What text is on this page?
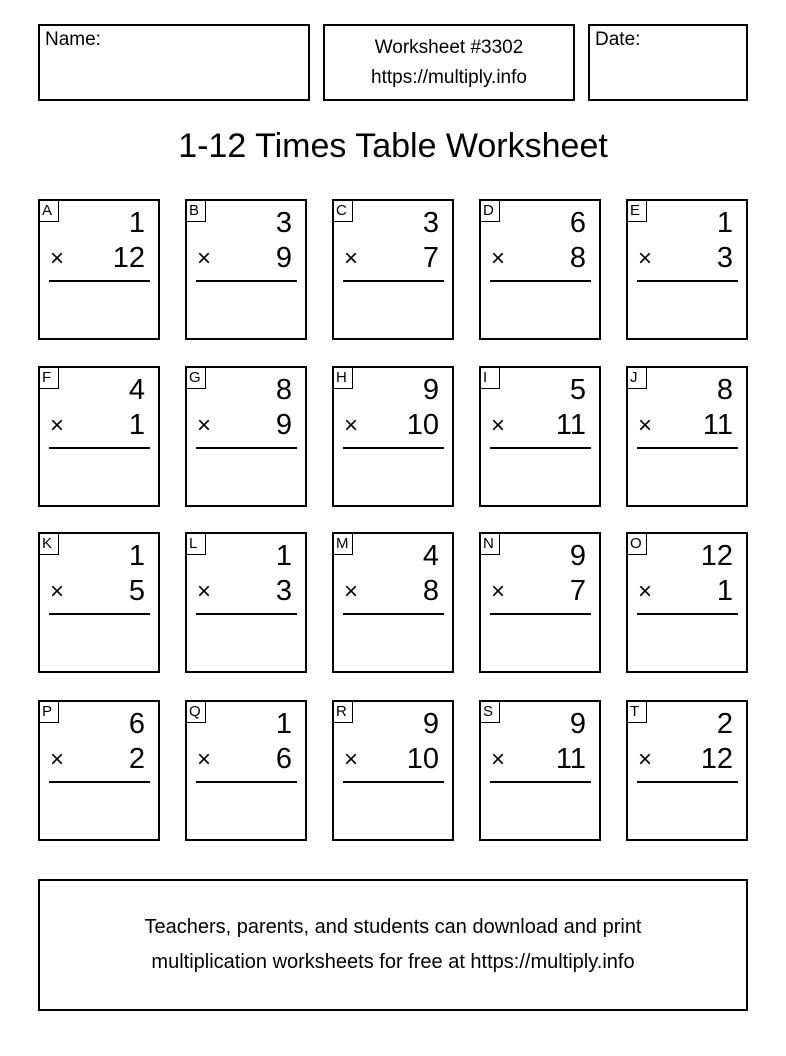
Name:	Worksheet #3302
https://multiply.info
Date:
1-12 Times Table Worksheet
A	1
× 12
B	3
× 9
C	3
× 7
D	6
× 8
E	1
× 3
F	4
× 1
G	8
× 9
H	9
× 10
I	5
× 11
J	8
× 11
K	1
× 5
L	1
× 3
M	4
× 8
N	9
× 7
O 12
× 1
P	6
× 2
Q	1
× 6
R	9
× 10
S	9
× 11
T	2
× 12
Teachers, parents, and students can download and print
multiplication worksheets for free at https://multiply.info
